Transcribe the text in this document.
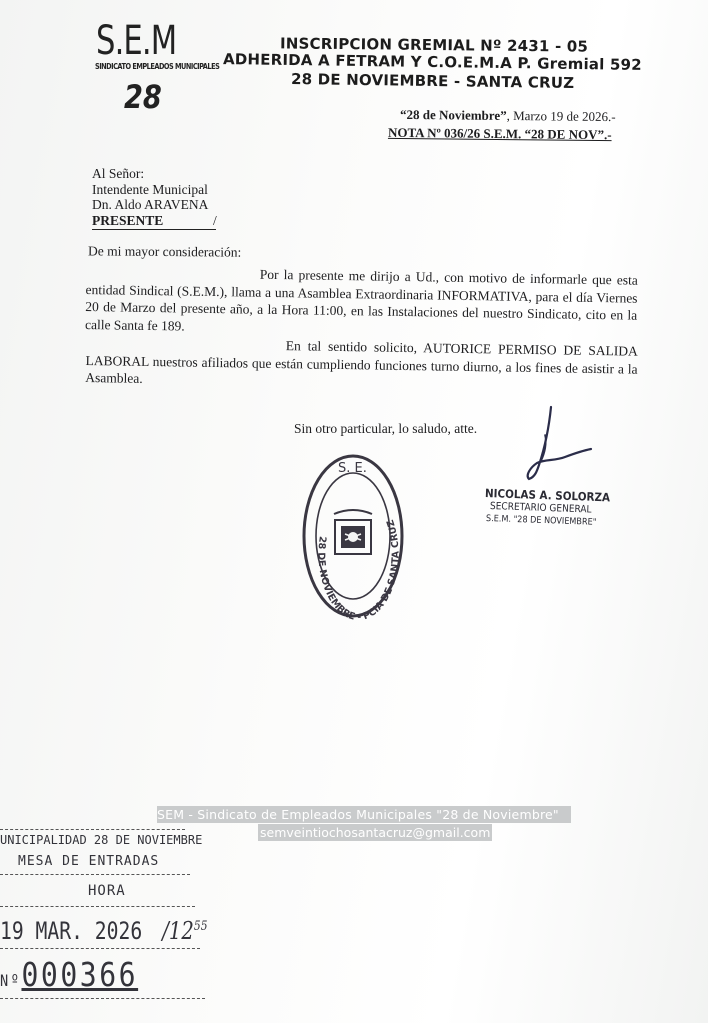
S.E.M
SINDICATO EMPLEADOS MUNICIPALES
28
INSCRIPCION GREMIAL Nº 2431 - 05
ADHERIDA A FETRAM Y C.O.E.M.A P. Gremial 592
28 DE NOVIEMBRE - SANTA CRUZ
“28 de Noviembre”, Marzo 19 de 2026.-
NOTA Nº 036/26 S.E.M. “28 DE NOV”.-
Al Señor:
Intendente Municipal
Dn. Aldo ARAVENA
PRESENTE	/
De mi mayor consideración:
Por la presente me dirijo a Ud., con motivo de informarle que esta entidad Sindical (S.E.M.), llama a una Asamblea Extraordinaria INFORMATIVA, para el día Viernes 20 de Marzo del presente año, a la Hora 11:00, en las Instalaciones del nuestro Sindicato, cito en la calle Santa fe 189.
En tal sentido solicito, AUTORICE PERMISO DE SALIDA LABORAL nuestros afiliados que están cumpliendo funciones turno diurno, a los fines de asistir a la Asamblea.
Sin otro particular, lo saludo, atte.
S. E.
28 DE NOVIEMBRE - PCIA DE SANTA CRUZ
NICOLAS A. SOLORZA
SECRETARIO GENERAL
S.E.M. "28 DE NOVIEMBRE"
SEM - Sindicato de Empleados Municipales "28 de Noviembre"
semveintiochosantacruz@gmail.com
UNICIPALIDAD 28 DE NOVIEMBRE
MESA DE ENTRADAS
HORA
19 MAR. 2026 $/12^{55}$
Nº000366
